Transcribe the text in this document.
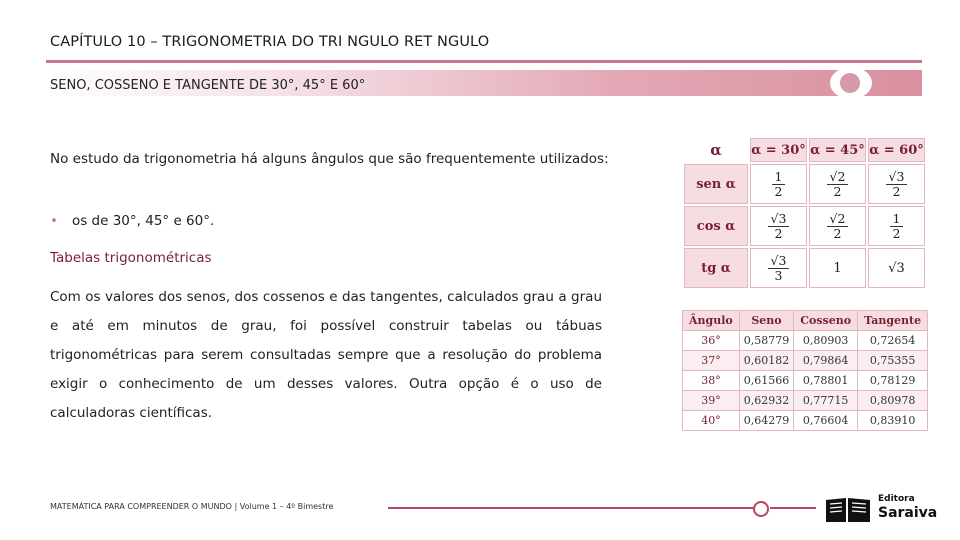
CAPÍTULO 10 – TRIGONOMETRIA DO TRI NGULO RET NGULO
SENO, COSSENO E TANGENTE DE 30°, 45° E 60°
No estudo da trigonometria há alguns ângulos que são frequentemente utilizados:
• os de 30°, 45° e 60°.
Tabelas trigonométricas
Com os valores dos senos, dos cossenos e das tangentes, calculados grau a grau e até em minutos de grau, foi possível construir tabelas ou tábuas trigonométricas para serem consultadas sempre que a resolução do problema exigir o conhecimento de um desses valores. Outra opção é o uso de calculadoras científicas.
α	α = 30°	α = 45°	α = 60°
sen α	$\frac{1}{2}$	$\frac{√2}{2}$	$\frac{√3}{2}$

cos α	$\frac{√3}{2}$	$\frac{√2}{2}$	$\frac{1}{2}$

tg α	$\frac{√3}{3}$	1	√3
Ângulo	Seno	Cosseno	Tangente
36°	0,58779	0,80903	0,72654
37°	0,60182	0,79864	0,75355
38°	0,61566	0,78801	0,78129
39°	0,62932	0,77715	0,80978
40°	0,64279	0,76604	0,83910
MATEMÁTICA PARA COMPREENDER O MUNDO | Volume 1 – 4º Bimestre
Editora
Saraiva
